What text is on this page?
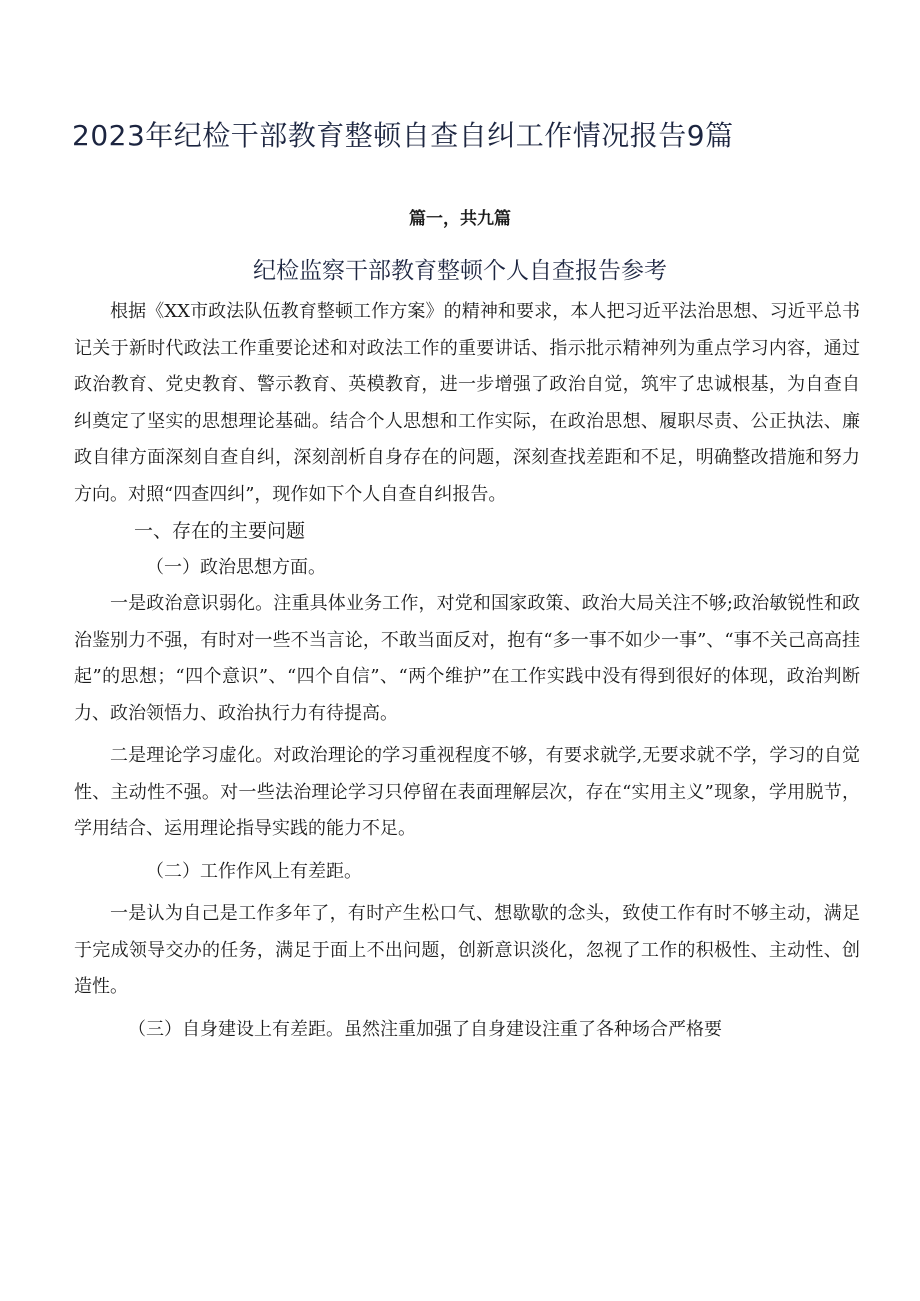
2023年纪检干部教育整顿自查自纠工作情况报告9篇
篇一，共九篇
纪检监察干部教育整顿个人自查报告参考

根据《XX市政法队伍教育整顿工作方案》的精神和要求，本人把习近平法治思想、习近平总书记关于新时代政法工作重要论述和对政法工作的重要讲话、指示批示精神列为重点学习内容，通过政治教育、党史教育、警示教育、英模教育，进一步增强了政治自觉，筑牢了忠诚根基，为自查自纠奠定了坚实的思想理论基础。结合个人思想和工作实际，在政治思想、履职尽责、公正执法、廉政自律方面深刻自查自纠，深刻剖析自身存在的问题，深刻查找差距和不足，明确整改措施和努力方向。对照“四查四纠”，现作如下个人自查自纠报告。

一、存在的主要问题

（一）政治思想方面。

一是政治意识弱化。注重具体业务工作，对党和国家政策、政治大局关注不够;政治敏锐性和政治鉴别力不强，有时对一些不当言论，不敢当面反对，抱有“多一事不如少一事”、“事不关己高高挂起”的思想；“四个意识”、“四个自信”、“两个维护”在工作实践中没有得到很好的体现，政治判断力、政治领悟力、政治执行力有待提高。

二是理论学习虚化。对政治理论的学习重视程度不够，有要求就学,无要求就不学，学习的自觉性、主动性不强。对一些法治理论学习只停留在表面理解层次，存在“实用主义”现象，学用脱节，学用结合、运用理论指导实践的能力不足。

（二）工作作风上有差距。

一是认为自己是工作多年了，有时产生松口气、想歇歇的念头，致使工作有时不够主动，满足于完成领导交办的任务，满足于面上不出问题，创新意识淡化，忽视了工作的积极性、主动性、创造性。

（三）自身建设上有差距。虽然注重加强了自身建设注重了各种场合严格要
